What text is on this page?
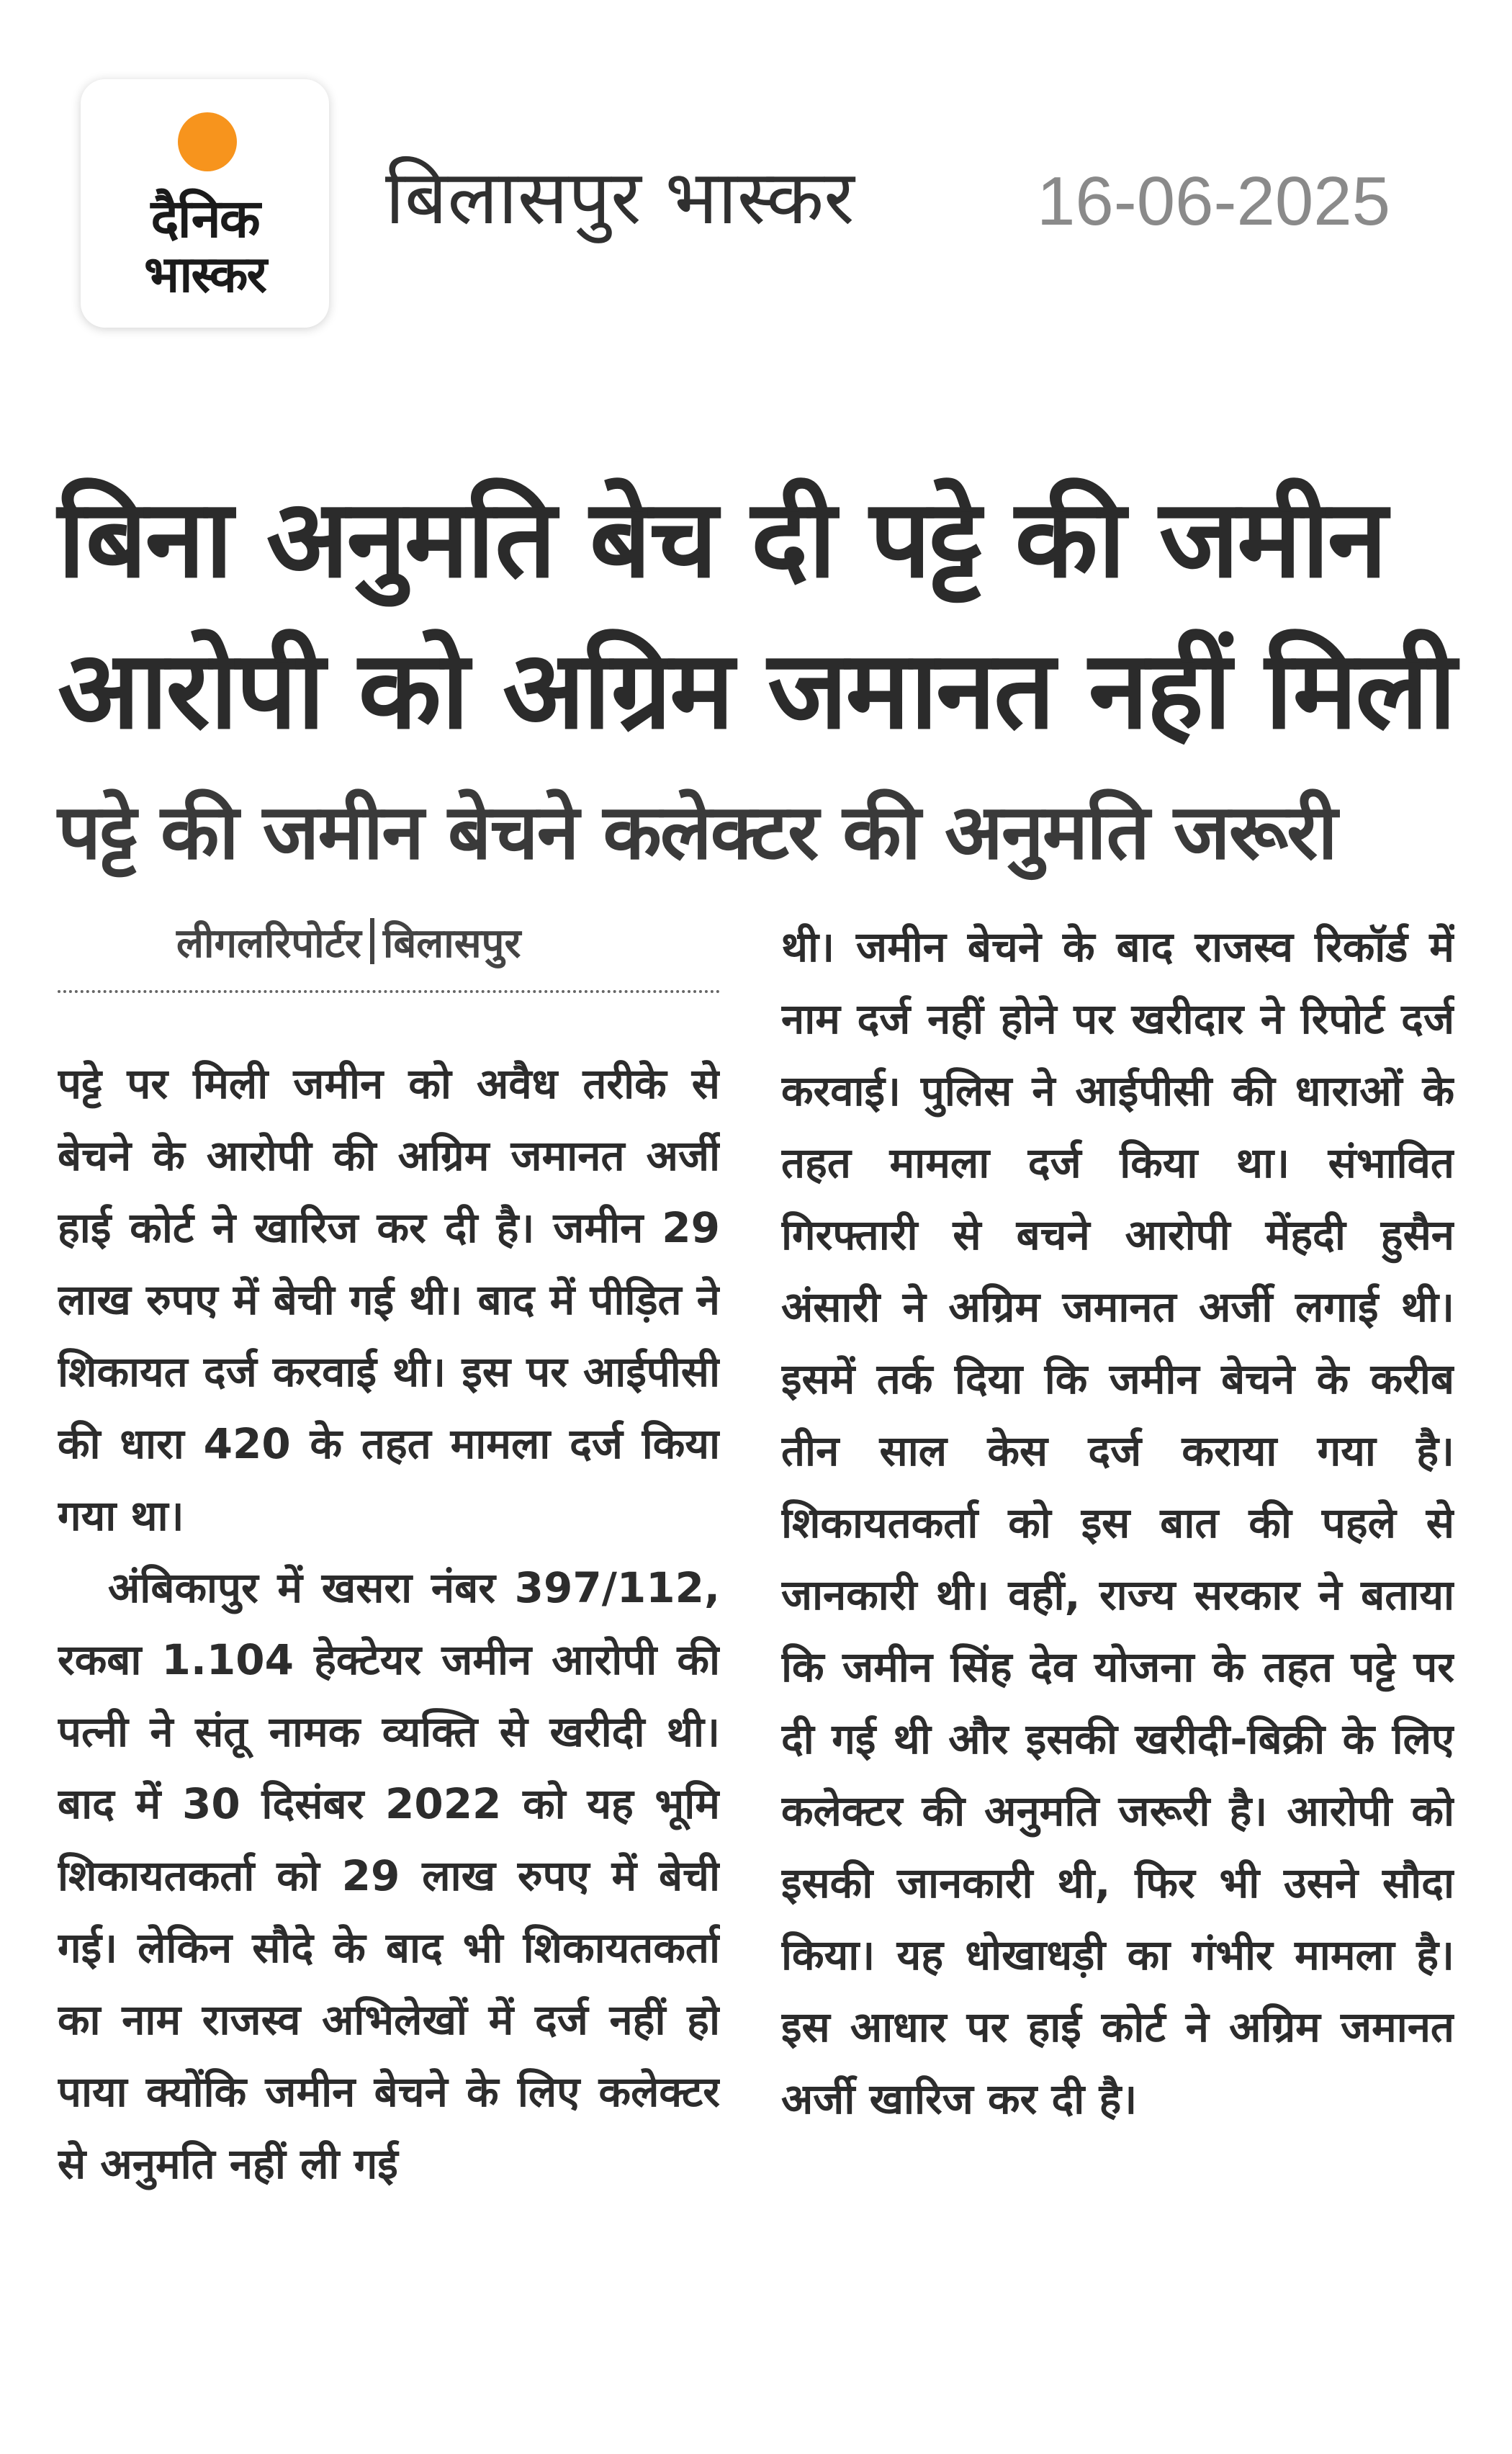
दैनिक
भास्कर
बिलासपुर भास्कर	16-06-2025
बिना अनुमति बेच दी पट्टे की जमीन
आरोपी को अग्रिम जमानत नहीं मिली
पट्टे की जमीन बेचने कलेक्टर की अनुमति जरूरी
लीगलरिपोर्टर बिलासपुर

पट्टे पर मिली जमीन को अवैध तरीके से बेचने के आरोपी की अग्रिम जमानत अर्जी हाई कोर्ट ने खारिज कर दी है। जमीन 29 लाख रुपए में बेची गई थी। बाद में पीड़ित ने शिकायत दर्ज करवाई थी। इस पर आईपीसी की धारा 420 के तहत मामला दर्ज किया गया था।

अंबिकापुर में खसरा नंबर 397/112, रकबा 1.104 हेक्टेयर जमीन आरोपी की पत्नी ने संतू नामक व्यक्ति से खरीदी थी। बाद में 30 दिसंबर 2022 को यह भूमि शिकायतकर्ता को 29 लाख रुपए में बेची गई। लेकिन सौदे के बाद भी शिकायतकर्ता का नाम राजस्व अभिलेखों में दर्ज नहीं हो पाया क्योंकि जमीन बेचने के लिए कलेक्टर से अनुमति नहीं ली गई

थी। जमीन बेचने के बाद राजस्व रिकॉर्ड में नाम दर्ज नहीं होने पर खरीदार ने रिपोर्ट दर्ज करवाई। पुलिस ने आईपीसी की धाराओं के तहत मामला दर्ज किया था। संभावित गिरफ्तारी से बचने आरोपी मेंहदी हुसैन अंसारी ने अग्रिम जमानत अर्जी लगाई थी। इसमें तर्क दिया कि जमीन बेचने के करीब तीन साल केस दर्ज कराया गया है। शिकायतकर्ता को इस बात की पहले से जानकारी थी। वहीं, राज्य सरकार ने बताया कि जमीन सिंह देव योजना के तहत पट्टे पर दी गई थी और इसकी खरीदी-बिक्री के लिए कलेक्टर की अनुमति जरूरी है। आरोपी को इसकी जानकारी थी, फिर भी उसने सौदा किया। यह धोखाधड़ी का गंभीर मामला है। इस आधार पर हाई कोर्ट ने अग्रिम जमानत अर्जी खारिज कर दी है।
